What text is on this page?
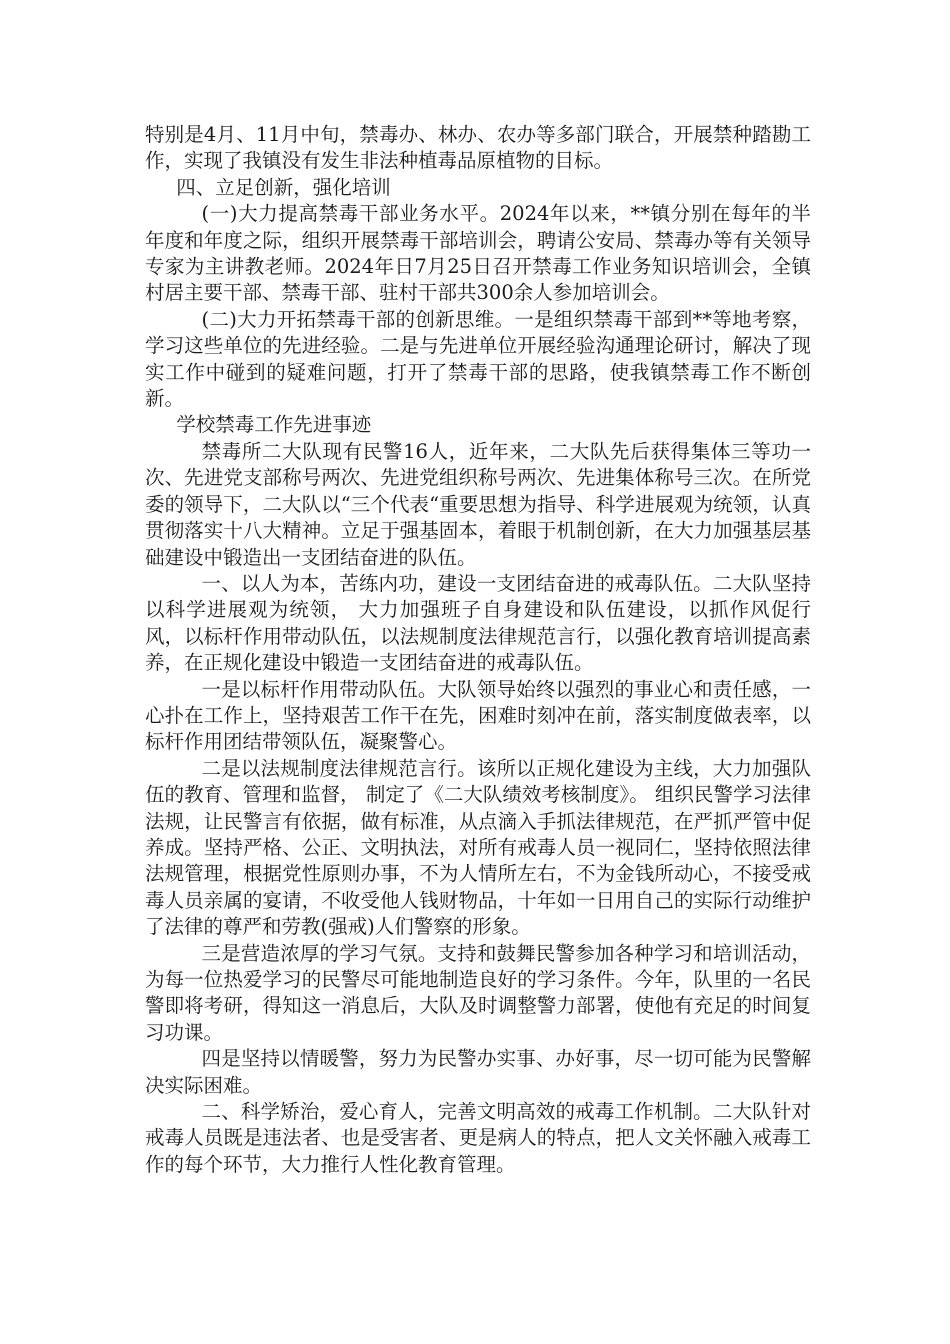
特别是4月、11月中旬，禁毒办、林办、农办等多部门联合，开展禁种踏勘工作，实现了我镇没有发生非法种植毒品原植物的目标。

四、立足创新，强化培训

(一)大力提高禁毒干部业务水平。2024年以来，**镇分别在每年的半年度和年度之际，组织开展禁毒干部培训会，聘请公安局、禁毒办等有关领导专家为主讲教老师。2024年日7月25日召开禁毒工作业务知识培训会，全镇村居主要干部、禁毒干部、驻村干部共300余人参加培训会。

(二)大力开拓禁毒干部的创新思维。一是组织禁毒干部到**等地考察，学习这些单位的先进经验。二是与先进单位开展经验沟通理论研讨，解决了现实工作中碰到的疑难问题，打开了禁毒干部的思路，使我镇禁毒工作不断创新。

学校禁毒工作先进事迹

禁毒所二大队现有民警16人，近年来，二大队先后获得集体三等功一次、先进党支部称号两次、先进党组织称号两次、先进集体称号三次。在所党委的领导下，二大队以“三个代表“重要思想为指导、科学进展观为统领，认真贯彻落实十八大精神。立足于强基固本，着眼于机制创新，在大力加强基层基础建设中锻造出一支团结奋进的队伍。

一、以人为本，苦练内功，建设一支团结奋进的戒毒队伍。二大队坚持以科学进展观为统领， 大力加强班子自身建设和队伍建设，以抓作风促行风，以标杆作用带动队伍，以法规制度法律规范言行，以强化教育培训提高素养，在正规化建设中锻造一支团结奋进的戒毒队伍。

一是以标杆作用带动队伍。大队领导始终以强烈的事业心和责任感，一心扑在工作上，坚持艰苦工作干在先，困难时刻冲在前，落实制度做表率，以标杆作用团结带领队伍，凝聚警心。

二是以法规制度法律规范言行。该所以正规化建设为主线，大力加强队伍的教育、管理和监督， 制定了《二大队绩效考核制度》。 组织民警学习法律法规，让民警言有依据，做有标准，从点滴入手抓法律规范，在严抓严管中促养成。坚持严格、公正、文明执法，对所有戒毒人员一视同仁，坚持依照法律法规管理，根据党性原则办事，不为人情所左右，不为金钱所动心，不接受戒毒人员亲属的宴请，不收受他人钱财物品，十年如一日用自己的实际行动维护了法律的尊严和劳教(强戒)人们警察的形象。

三是营造浓厚的学习气氛。支持和鼓舞民警参加各种学习和培训活动，为每一位热爱学习的民警尽可能地制造良好的学习条件。今年，队里的一名民警即将考研，得知这一消息后，大队及时调整警力部署，使他有充足的时间复习功课。

四是坚持以情暖警，努力为民警办实事、办好事，尽一切可能为民警解决实际困难。

二、科学矫治，爱心育人，完善文明高效的戒毒工作机制。二大队针对戒毒人员既是违法者、也是受害者、更是病人的特点，把人文关怀融入戒毒工作的每个环节，大力推行人性化教育管理。
